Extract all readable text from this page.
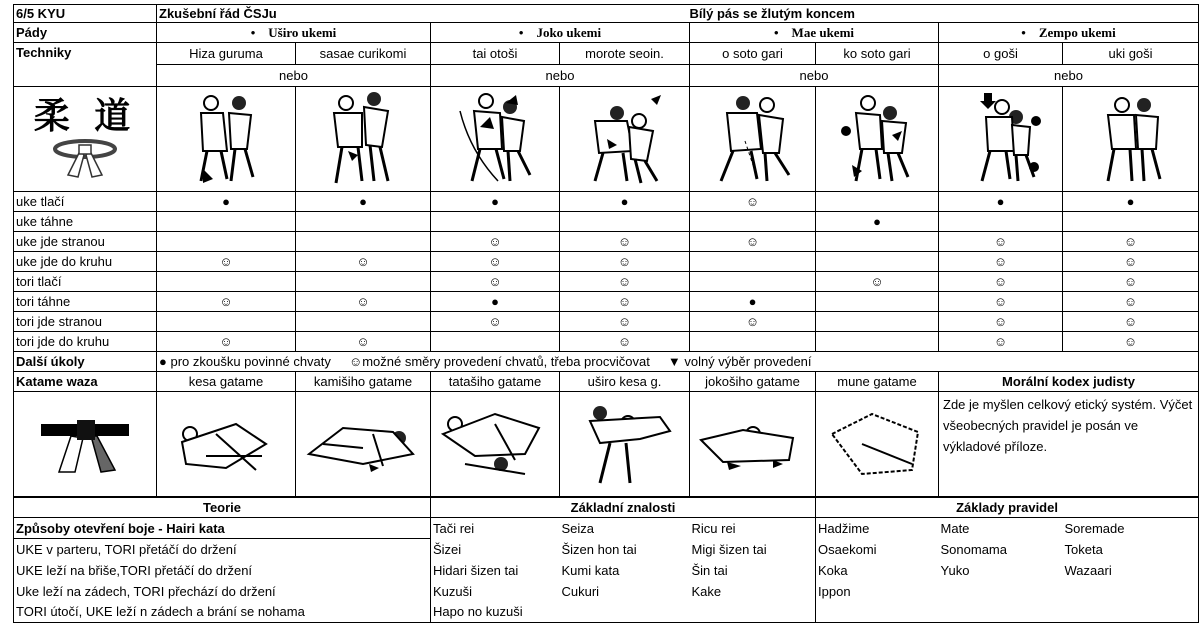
6/5 KYU	Zkušební řád ČSJu				Bílý pás se žlutým koncem			
Pády	• Uširo ukemi		• Joko ukemi		• Mae ukemi		• Zempo ukemi	
Techniky	Hiza guruma	sasae curikomi	tai otoši	morote seoin.	o soto gari	ko soto gari	o goši	uki goši
	nebo		nebo		nebo		nebo	

柔 道

uke tlačí	●	●	●	●	☺		●	●
uke táhne						●		
uke jde stranou			☺	☺	☺		☺	☺
uke jde do kruhu	☺	☺	☺	☺			☺	☺
tori tlačí			☺	☺		☺	☺	☺
tori táhne	☺	☺	●	☺	●		☺	☺
tori jde stranou			☺	☺	☺		☺	☺
tori jde do kruhu	☺	☺		☺			☺	☺
Další úkoly	● pro zkoušku povinné chvaty     ☺možné směry provedení chvatů, třeba procvičovat     ▼ volný výběr provedení							
Katame waza	kesa gatame	kamišiho gatame	tatašiho gatame	uširo kesa g.	jokošiho gatame	mune gatame	Morální kodex judisty	

	Zde je myšlen celkový etický systém. Výčet všeobecných pravidel je posán ve výkladové příloze.	
Teorie	Základní znalosti			Základy pravidel		
Způsoby otevření boje - Hairi kata	Tači rei	Seiza	Ricu rei	Hadžime	Mate	Soremade
UKE v parteru, TORI přetáčí do držení	Šizei	Šizen hon tai	Migi šizen tai	Osaekomi	Sonomama	Toketa
UKE leží na břiše,TORI přetáčí do držení	Hidari šizen tai	Kumi kata	Šin tai	Koka	Yuko	Wazaari
Uke leží na zádech, TORI přechází do držení	Kuzuši	Cukuri	Kake	Ippon		
TORI útočí, UKE leží n zádech a brání se nohama	Hapo no kuzuši					
